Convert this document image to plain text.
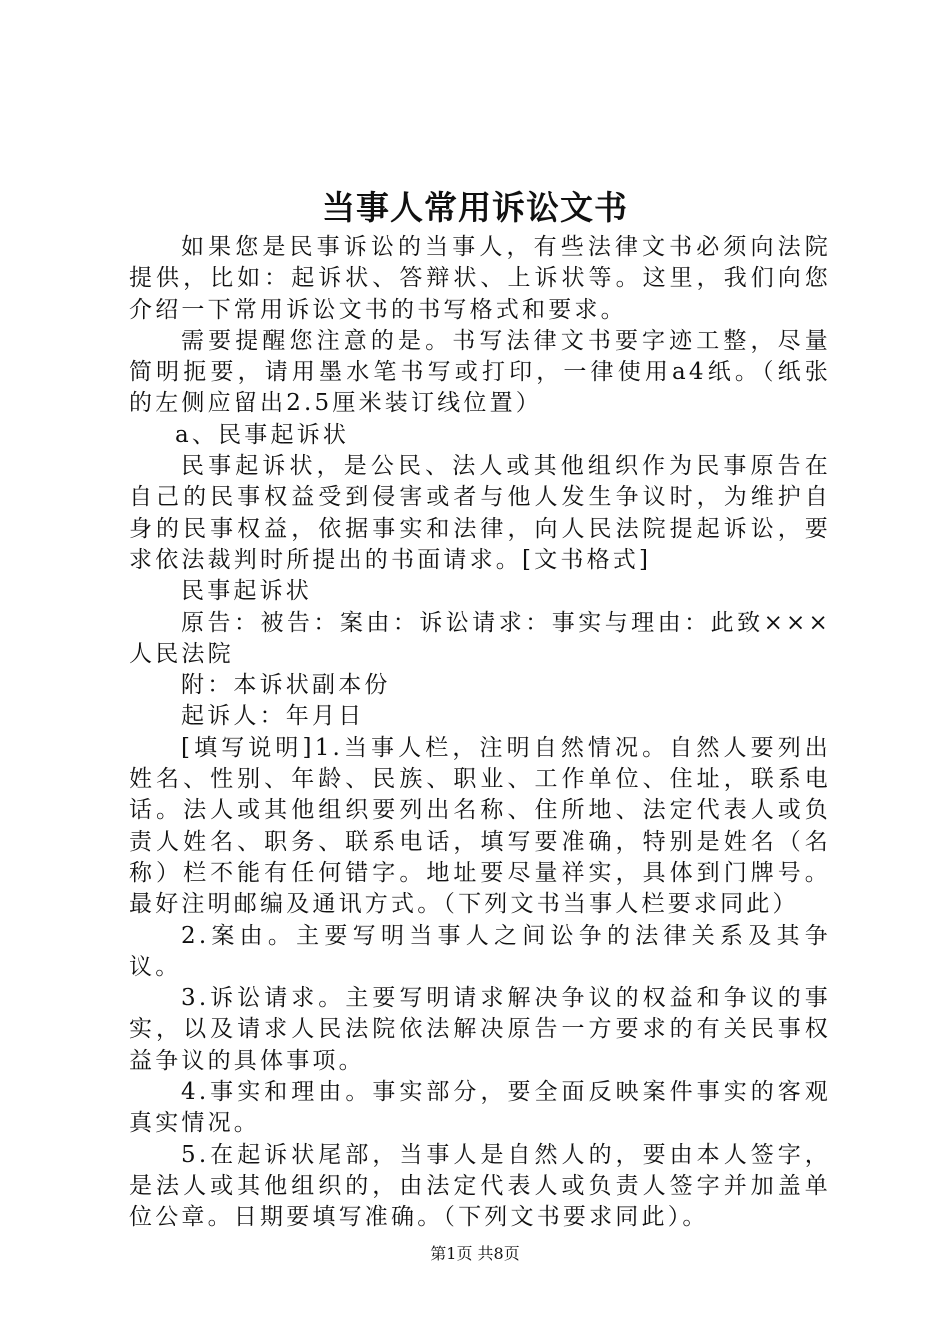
当事人常用诉讼文书

如果您是民事诉讼的当事人，有些法律文书必须向法院提供，比如：起诉状、答辩状、上诉状等。这里，我们向您介绍一下常用诉讼文书的书写格式和要求。

需要提醒您注意的是。书写法律文书要字迹工整，尽量简明扼要，请用墨水笔书写或打印，一律使用a4纸。（纸张的左侧应留出2.5厘米装订线位置）

a、民事起诉状

民事起诉状，是公民、法人或其他组织作为民事原告在自己的民事权益受到侵害或者与他人发生争议时，为维护自身的民事权益，依据事实和法律，向人民法院提起诉讼，要求依法裁判时所提出的书面请求。[文书格式]

民事起诉状

原告：被告：案由：诉讼请求：事实与理由：此致×××人民法院

附：本诉状副本份

起诉人：年月日

[填写说明]1.当事人栏，注明自然情况。自然人要列出姓名、性别、年龄、民族、职业、工作单位、住址，联系电话。法人或其他组织要列出名称、住所地、法定代表人或负责人姓名、职务、联系电话，填写要准确，特别是姓名（名称）栏不能有任何错字。地址要尽量祥实，具体到门牌号。最好注明邮编及通讯方式。（下列文书当事人栏要求同此）

2.案由。主要写明当事人之间讼争的法律关系及其争议。

3.诉讼请求。主要写明请求解决争议的权益和争议的事实，以及请求人民法院依法解决原告一方要求的有关民事权益争议的具体事项。

4.事实和理由。事实部分，要全面反映案件事实的客观真实情况。

5.在起诉状尾部，当事人是自然人的，要由本人签字，是法人或其他组织的，由法定代表人或负责人签字并加盖单位公章。日期要填写准确。（下列文书要求同此）。

第1页 共8页
